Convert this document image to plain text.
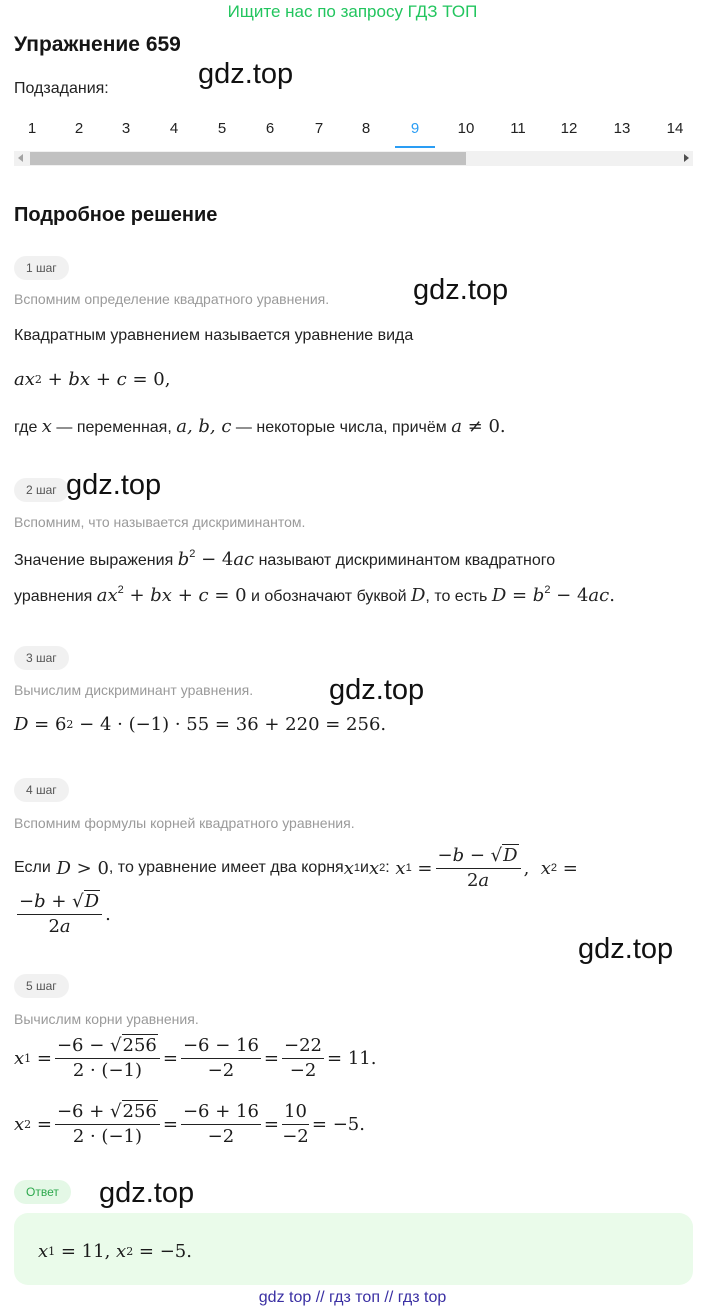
Ищите нас по запросу ГДЗ ТОП
Упражнение 659
Подзадания:	gdz.top
1	2	3	4	5	6	7	8	9	10	11	12	13	14
Подробное решение
1 шаг
Вспомним определение квадратного уравнения.	gdz.top
Квадратным уравнением называется уравнение вида
ax 2 + bx + c = 0,
где x — переменная, a, b, c — некоторые числа, причём a ≠ 0.
2 шаг gdz.top
Вспомним, что называется дискриминантом.
Значение выражения $b^2 - 4ac$ называют дискриминантом квадратного
уравнения $ax^2$ + bx + c = 0 и обозначают буквой D, то есть $D = b^2 - 4ac$.
3 шаг
Вычислим дискриминант уравнения.	gdz.top
D = 6 2 − 4 · (−1) · 55 = 36 + 220 = 256.
4 шаг
Вспомним формулы корней квадратного уравнения.
Если D > 0 , то уравнение имеет два корня x 1 и x 2 :
x $1 = \frac{-b - √D}{2a}$ , x 2 =
$\frac{-b + √D}{2a}$ .
gdz.top
5 шаг
Вычислим корни уравнения.
x $1 = \frac{-6 - √256}{2 \cdot (-1)} = \frac{-6 - 16}{-2} = \frac{-22}{-2} = 11$.
x $2 = \frac{-6 + √256}{2 \cdot (-1)} = \frac{-6 + 16}{-2} = \frac{10}{-2} = -5$.
Ответ	gdz.top
x 1 = 11, x 2 = −5.
gdz top // гдз топ // гдз top
